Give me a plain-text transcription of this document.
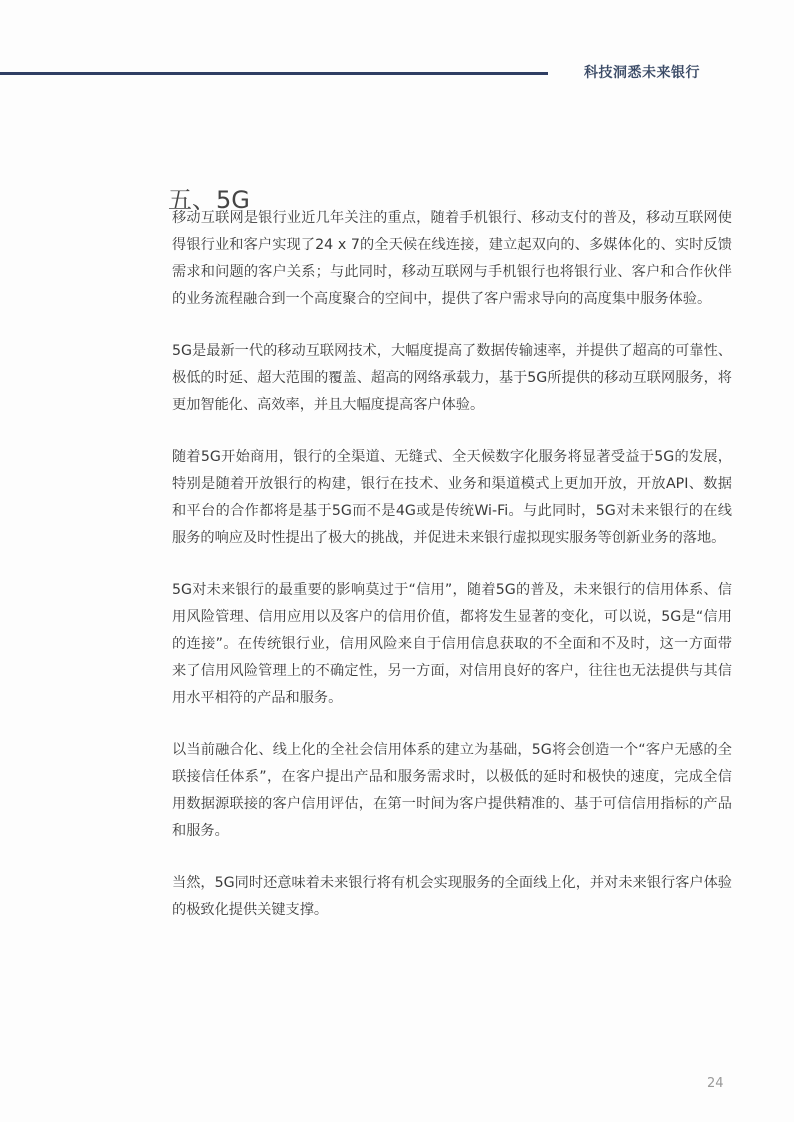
科技洞悉未来银行
五、5G

移动互联网是银行业近几年关注的重点，随着手机银行、移动支付的普及，移动互联网使得银行业和客户实现了24 x 7的全天候在线连接，建立起双向的、多媒体化的、实时反馈需求和问题的客户关系；与此同时，移动互联网与手机银行也将银行业、客户和合作伙伴的业务流程融合到一个高度聚合的空间中，提供了客户需求导向的高度集中服务体验。

5G是最新一代的移动互联网技术，大幅度提高了数据传输速率，并提供了超高的可靠性、极低的时延、超大范围的覆盖、超高的网络承载力，基于5G所提供的移动互联网服务，将更加智能化、高效率，并且大幅度提高客户体验。

随着5G开始商用，银行的全渠道、无缝式、全天候数字化服务将显著受益于5G的发展，特别是随着开放银行的构建，银行在技术、业务和渠道模式上更加开放，开放API、数据和平台的合作都将是基于5G而不是4G或是传统Wi-Fi。与此同时，5G对未来银行的在线服务的响应及时性提出了极大的挑战，并促进未来银行虚拟现实服务等创新业务的落地。

5G对未来银行的最重要的影响莫过于“信用”，随着5G的普及，未来银行的信用体系、信用风险管理、信用应用以及客户的信用价值，都将发生显著的变化，可以说，5G是“信用的连接”。在传统银行业，信用风险来自于信用信息获取的不全面和不及时，这一方面带来了信用风险管理上的不确定性，另一方面，对信用良好的客户，往往也无法提供与其信用水平相符的产品和服务。

以当前融合化、线上化的全社会信用体系的建立为基础，5G将会创造一个“客户无感的全联接信任体系”，在客户提出产品和服务需求时，以极低的延时和极快的速度，完成全信用数据源联接的客户信用评估，在第一时间为客户提供精准的、基于可信信用指标的产品和服务。

当然，5G同时还意味着未来银行将有机会实现服务的全面线上化，并对未来银行客户体验的极致化提供关键支撑。

24
